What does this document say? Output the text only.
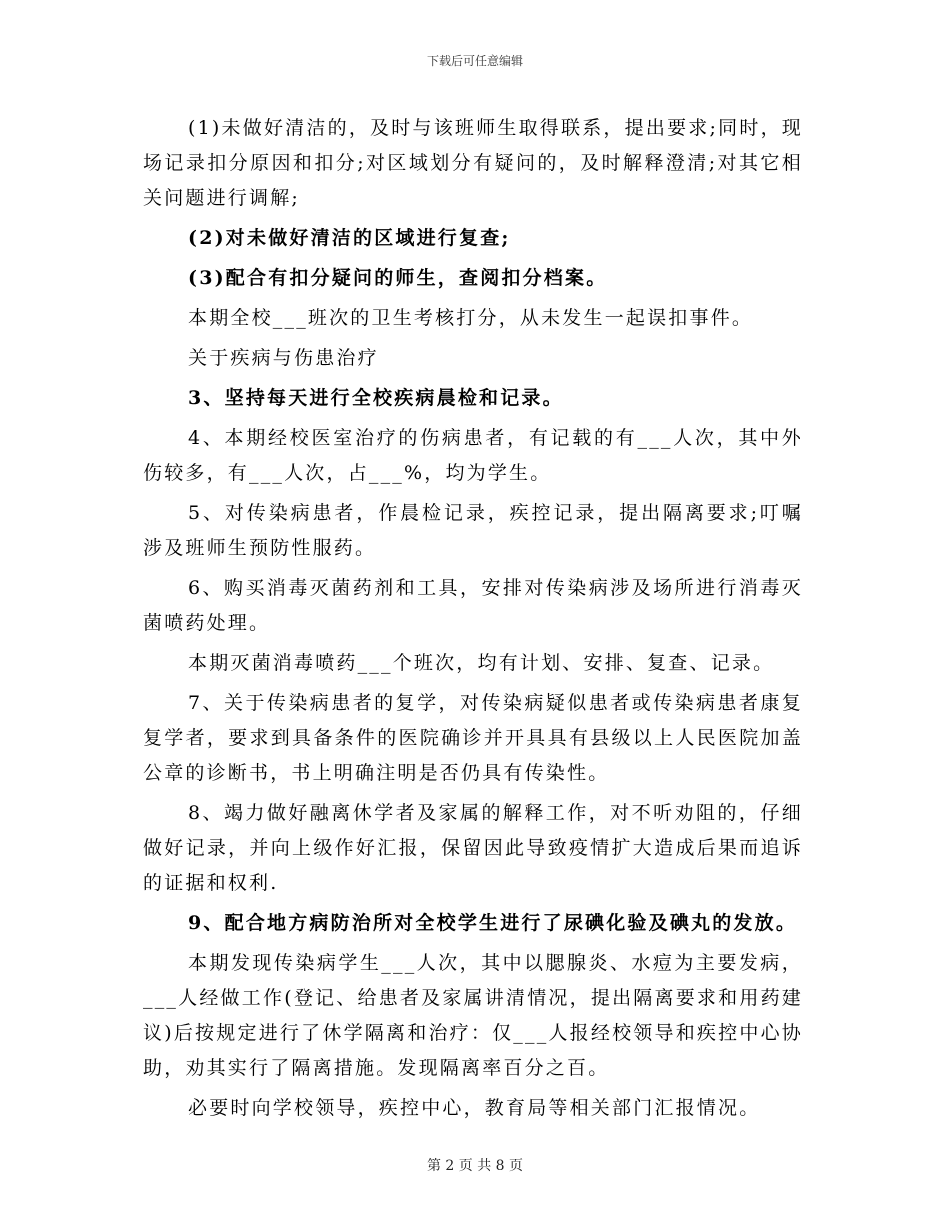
下载后可任意编辑

(1)未做好清洁的，及时与该班师生取得联系，提出要求;同时，现场记录扣分原因和扣分;对区域划分有疑问的，及时解释澄清;对其它相关问题进行调解;

(2)对未做好清洁的区域进行复查;

(3)配合有扣分疑问的师生，查阅扣分档案。

本期全校___班次的卫生考核打分，从未发生一起误扣事件。

关于疾病与伤患治疗

3、坚持每天进行全校疾病晨检和记录。

4、本期经校医室治疗的伤病患者，有记载的有___人次，其中外伤较多，有___人次，占___%，均为学生。

5、对传染病患者，作晨检记录，疾控记录，提出隔离要求;叮嘱涉及班师生预防性服药。

6、购买消毒灭菌药剂和工具，安排对传染病涉及场所进行消毒灭菌喷药处理。

本期灭菌消毒喷药___个班次，均有计划、安排、复查、记录。

7、关于传染病患者的复学，对传染病疑似患者或传染病患者康复复学者，要求到具备条件的医院确诊并开具具有县级以上人民医院加盖公章的诊断书，书上明确注明是否仍具有传染性。

8、竭力做好融离休学者及家属的解释工作，对不听劝阻的，仔细做好记录，并向上级作好汇报，保留因此导致疫情扩大造成后果而追诉的证据和权利.

9、配合地方病防治所对全校学生进行了尿碘化验及碘丸的发放。

本期发现传染病学生___人次，其中以腮腺炎、水痘为主要发病，___人经做工作(登记、给患者及家属讲清情况，提出隔离要求和用药建议)后按规定进行了休学隔离和治疗：仅___人报经校领导和疾控中心协助，劝其实行了隔离措施。发现隔离率百分之百。

必要时向学校领导，疾控中心，教育局等相关部门汇报情况。

第 2 页 共 8 页
